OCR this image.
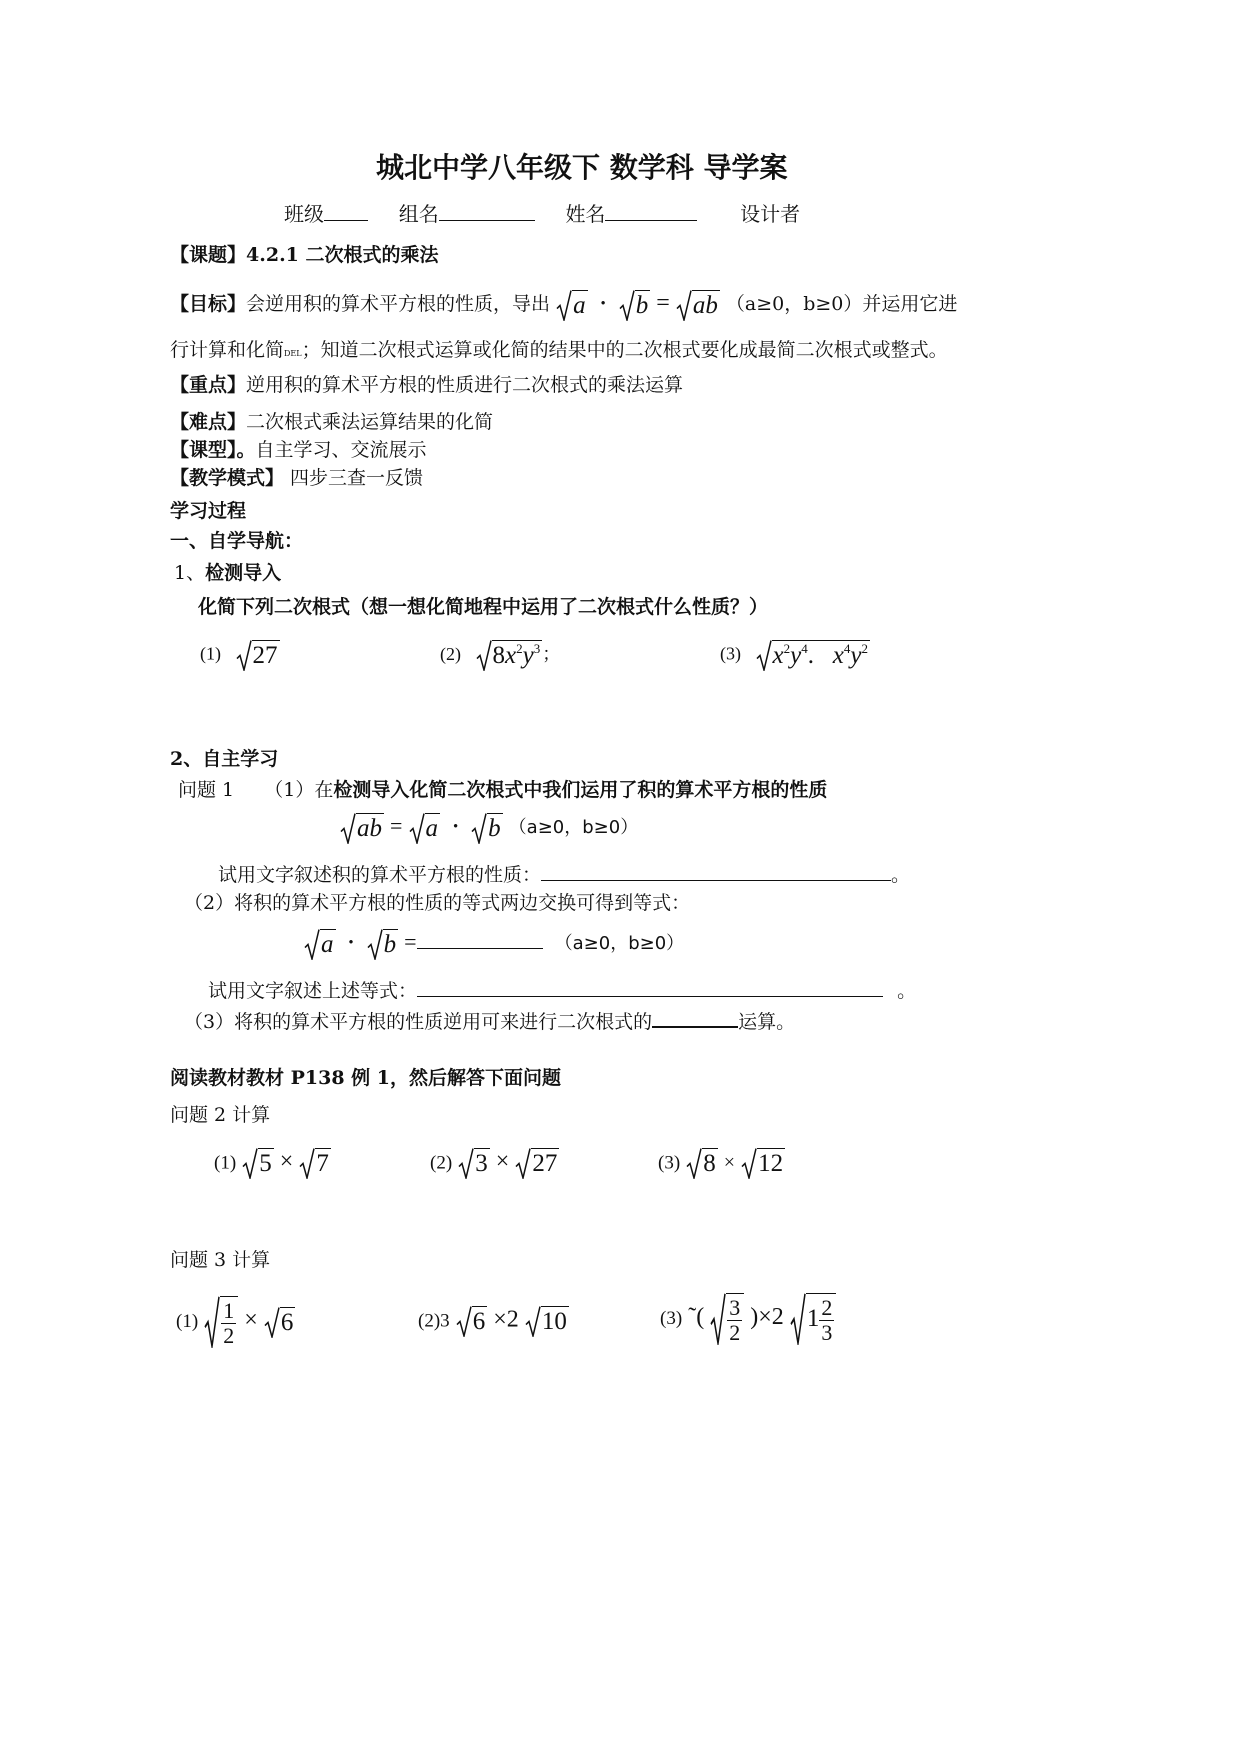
城北中学八年级下 数学科 导学案
班级	组名	姓名	设计者
【课题】4.2.1 二次根式的乘法
【目标】会逆用积的算术平方根的性质，导出 a ・ b = ab （a≥0，b≥0）并运用它进
行计算和化简DEL；知道二次根式运算或化简的结果中的二次根式要化成最简二次根式或整式。
【重点】逆用积的算术平方根的性质进行二次根式的乘法运算
【难点】二次根式乘法运算结果的化简
【课型】。自主学习、交流展示
【教学模式】 四步三查一反馈
学习过程
一、自学导航：
1、检测导入
化简下列二次根式（想一想化简地程中运用了二次根式什么性质？）
(1) 27	(2) $8x^2y^3$ ；	(3) $x^2y^4$.   $x^4y^2$
2、自主学习
问题 1 （1）在检测导入化简二次根式中我们运用了积的算术平方根的性质
ab = a ・ b （a≥0，b≥0）
试用文字叙述积的算术平方根的性质：	。
（2）将积的算术平方根的性质的等式两边交换可得到等式：
a ・ b =	（a≥0，b≥0）
试用文字叙述上述等式：	。
（3）将积的算术平方根的性质逆用可来进行二次根式的	运算。
阅读教材教材 P138 例 1，然后解答下面问题
问题 2 计算
(1) 5 × 7	(2) 3 × 27	(3) 8 × 12
问题 3 计算
$(1) \frac{1}{2} \times 6$	(2)3 6 ×2 10	(3) ˜( $\frac{3}{2} )\times 2$ $1 \frac{2}{3}$
